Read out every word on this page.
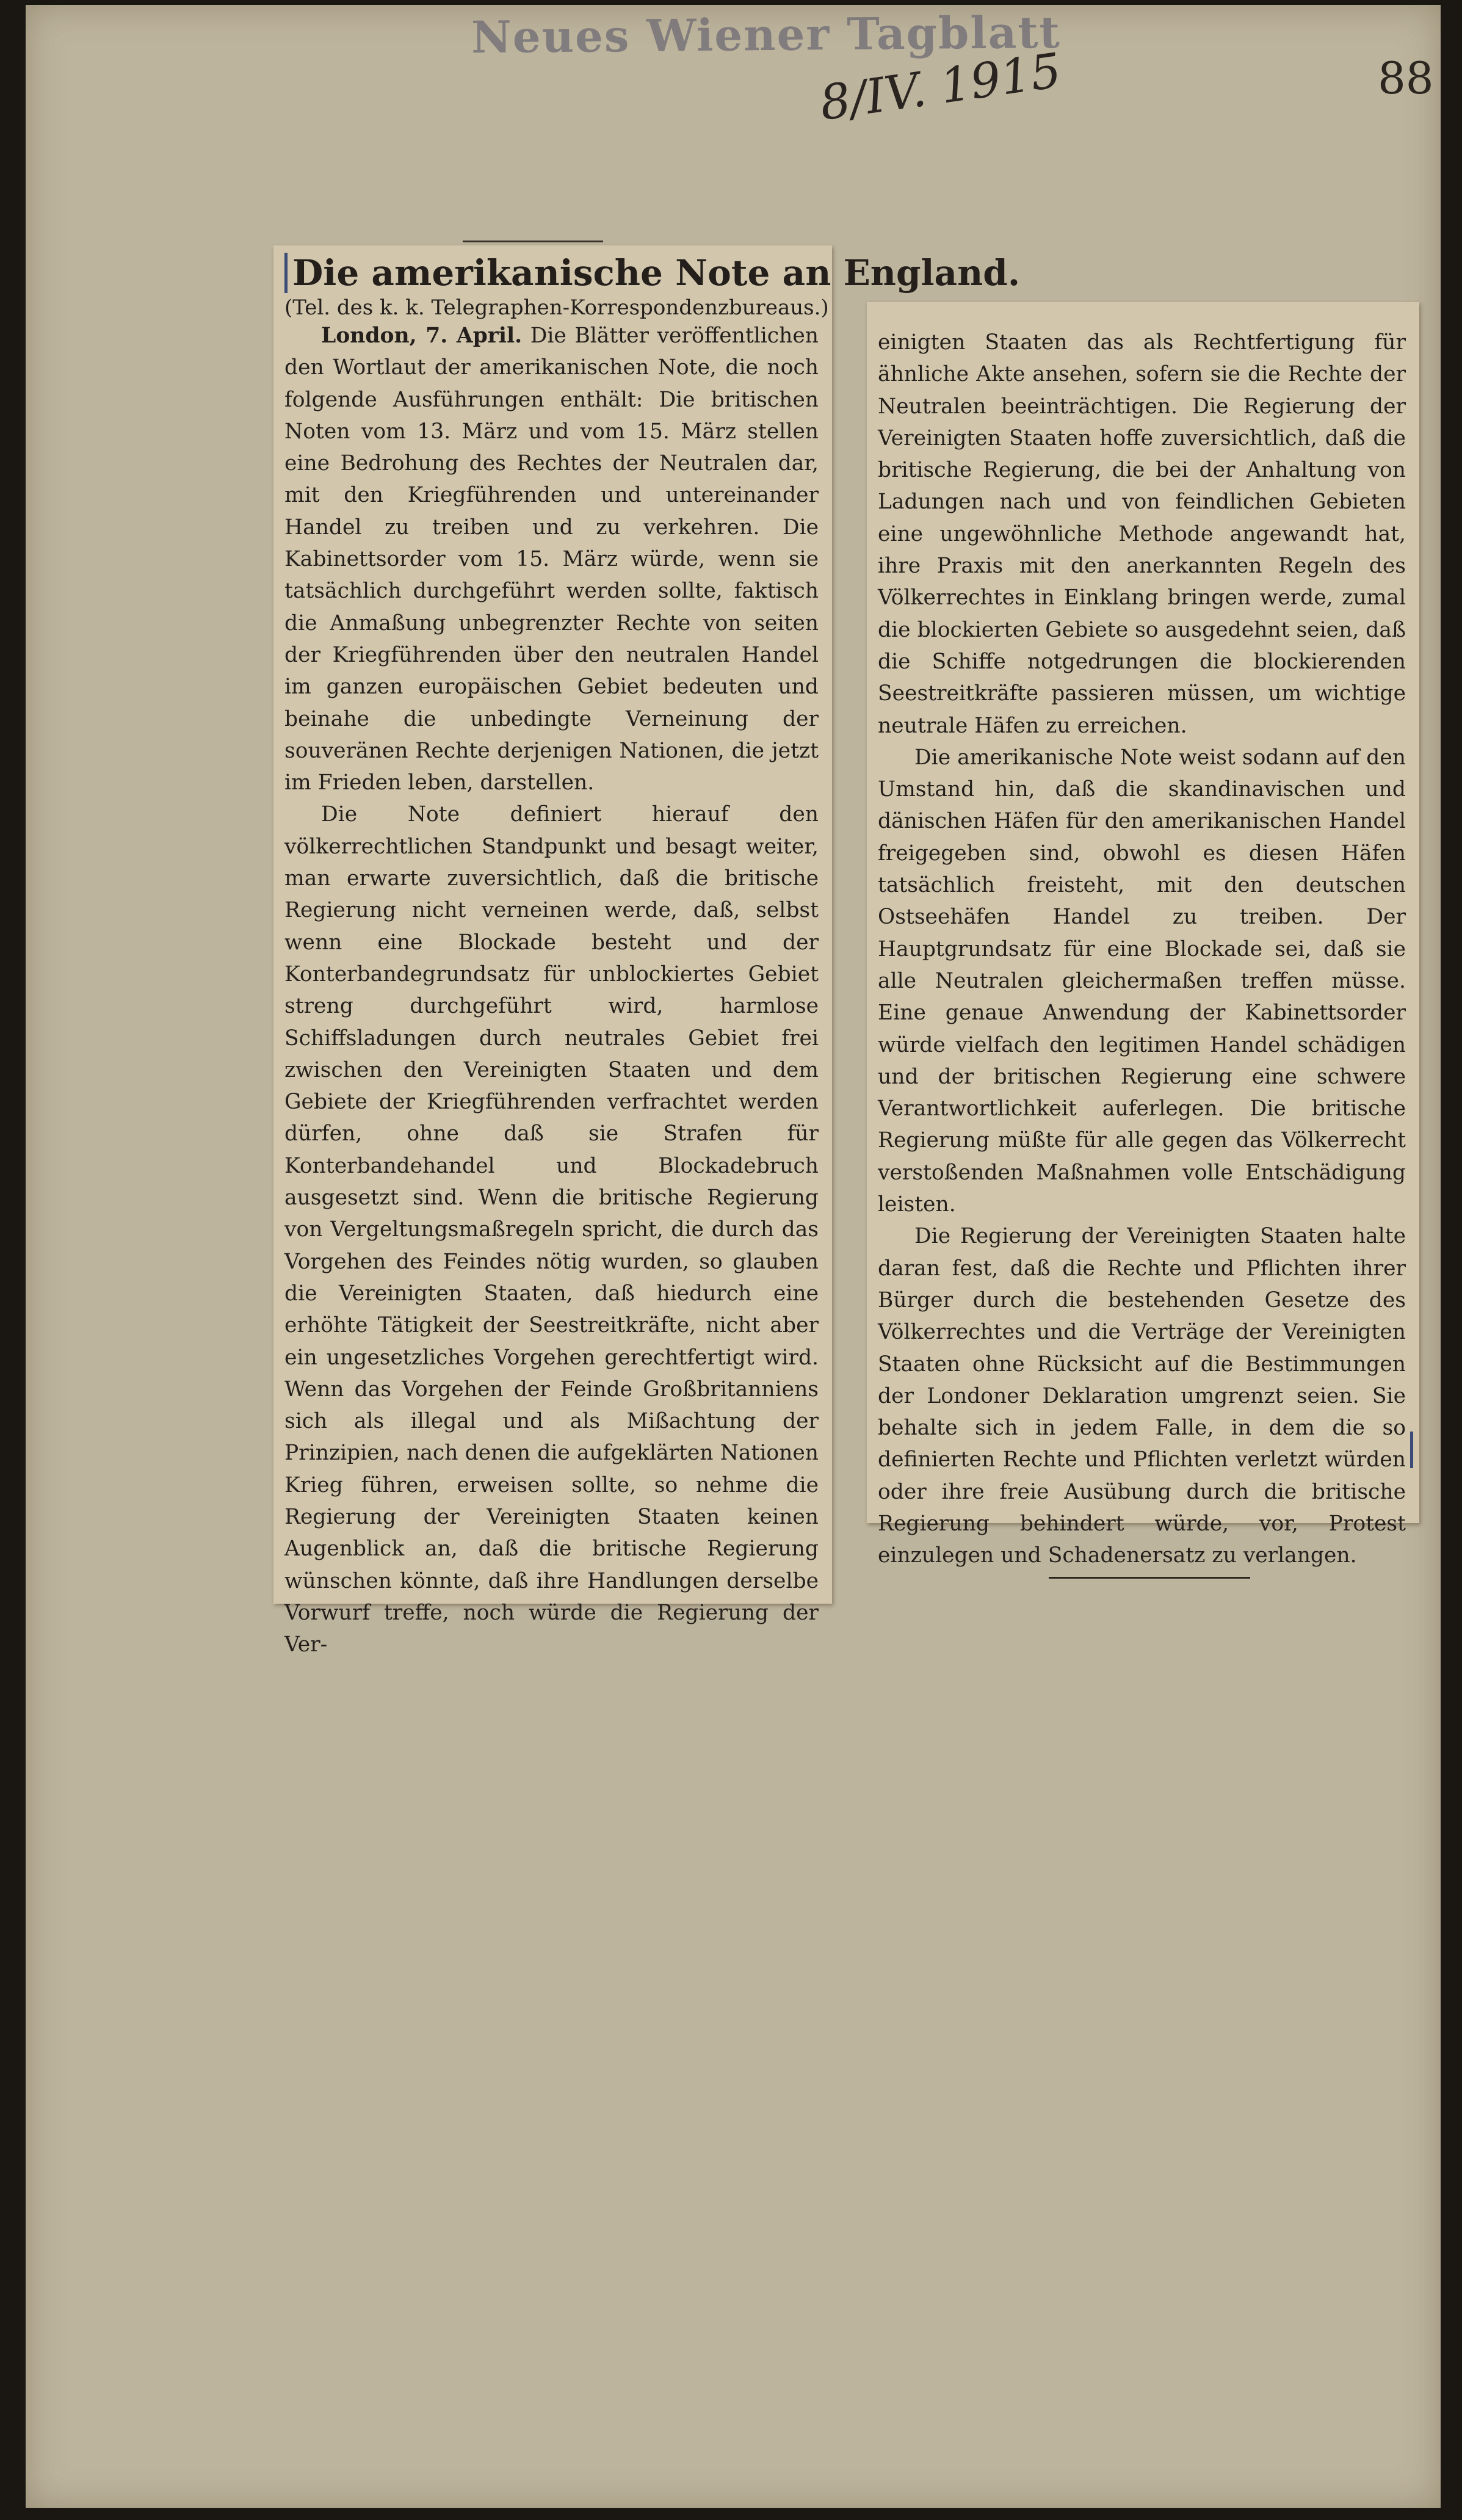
Neues Wiener Tagblatt
8/IV. 1915	88
Die amerikanische Note an England.

(Tel. des k. k. Telegraphen-Korrespondenzbureaus.)

London, 7. April. Die Blätter veröffentlichen den Wortlaut der amerikanischen Note, die noch folgende Ausführungen enthält: Die britischen Noten vom 13. März und vom 15. März stellen eine Bedrohung des Rechtes der Neutralen dar, mit den Kriegführenden und untereinander Handel zu treiben und zu verkehren. Die Kabinettsorder vom 15. März würde, wenn sie tatsächlich durchgeführt werden sollte, faktisch die Anmaßung unbegrenzter Rechte von seiten der Kriegführenden über den neutralen Handel im ganzen europäischen Gebiet bedeuten und beinahe die unbedingte Verneinung der souveränen Rechte derjenigen Nationen, die jetzt im Frieden leben, darstellen.

Die Note definiert hierauf den völkerrechtlichen Standpunkt und besagt weiter, man erwarte zuversichtlich, daß die britische Regierung nicht verneinen werde, daß, selbst wenn eine Blockade besteht und der Konterbandegrundsatz für unblockiertes Gebiet streng durchgeführt wird, harmlose Schiffsladungen durch neutrales Gebiet frei zwischen den Vereinigten Staaten und dem Gebiete der Kriegführenden verfrachtet werden dürfen, ohne daß sie Strafen für Konterbandehandel und Blockadebruch ausgesetzt sind. Wenn die britische Regierung von Vergeltungsmaßregeln spricht, die durch das Vorgehen des Feindes nötig wurden, so glauben die Vereinigten Staaten, daß hiedurch eine erhöhte Tätigkeit der Seestreitkräfte, nicht aber ein ungesetzliches Vorgehen gerechtfertigt wird. Wenn das Vorgehen der Feinde Großbritanniens sich als illegal und als Mißachtung der Prinzipien, nach denen die aufgeklärten Nationen Krieg führen, erweisen sollte, so nehme die Regierung der Vereinigten Staaten keinen Augenblick an, daß die britische Regierung wünschen könnte, daß ihre Handlungen derselbe Vorwurf treffe, noch würde die Regierung der Ver-

einigten Staaten das als Rechtfertigung für ähnliche Akte ansehen, sofern sie die Rechte der Neutralen beeinträchtigen. Die Regierung der Vereinigten Staaten hoffe zuversichtlich, daß die britische Regierung, die bei der Anhaltung von Ladungen nach und von feindlichen Gebieten eine ungewöhnliche Methode angewandt hat, ihre Praxis mit den anerkannten Regeln des Völkerrechtes in Einklang bringen werde, zumal die blockierten Gebiete so ausgedehnt seien, daß die Schiffe notgedrungen die blockierenden Seestreitkräfte passieren müssen, um wichtige neutrale Häfen zu erreichen.

Die amerikanische Note weist sodann auf den Umstand hin, daß die skandinavischen und dänischen Häfen für den amerikanischen Handel freigegeben sind, obwohl es diesen Häfen tatsächlich freisteht, mit den deutschen Ostseehäfen Handel zu treiben. Der Hauptgrundsatz für eine Blockade sei, daß sie alle Neutralen gleichermaßen treffen müsse. Eine genaue Anwendung der Kabinettsorder würde vielfach den legitimen Handel schädigen und der britischen Regierung eine schwere Verantwortlichkeit auferlegen. Die britische Regierung müßte für alle gegen das Völkerrecht verstoßenden Maßnahmen volle Entschädigung leisten.

Die Regierung der Vereinigten Staaten halte daran fest, daß die Rechte und Pflichten ihrer Bürger durch die bestehenden Gesetze des Völkerrechtes und die Verträge der Vereinigten Staaten ohne Rücksicht auf die Bestimmungen der Londoner Deklaration umgrenzt seien. Sie behalte sich in jedem Falle, in dem die so definierten Rechte und Pflichten verletzt würden oder ihre freie Ausübung durch die britische Regierung behindert würde, vor, Protest einzulegen und Schadenersatz zu verlangen.
